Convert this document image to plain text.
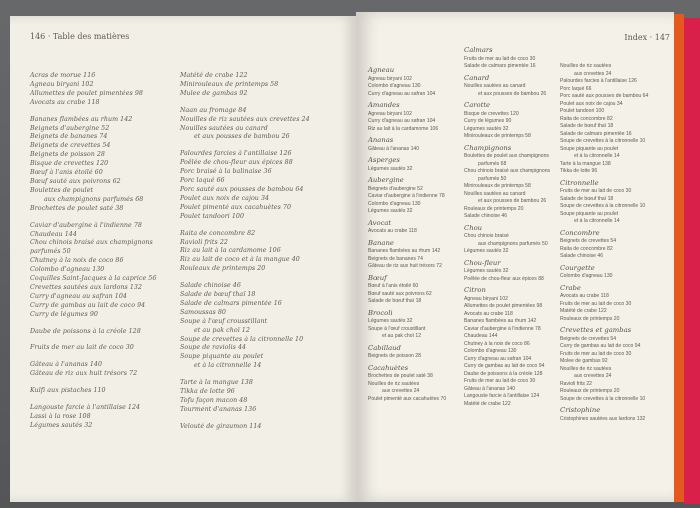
146 · Table des matières	Index · 147
Acras de morue 116
Agneau biryani 102
Allumettes de poulet pimentées 98
Avocats au crabe 118
Bananes flambées au rhum 142
Beignets d'aubergine 52
Beignets de bananes 74
Beignets de crevettes 54
Beignets de poisson 28
Bisque de crevettes 120
Bœuf à l'anis étoilé 60
Bœuf sauté aux poivrons 62
Boulettes de poulet
aux champignons parfumés 68
Brochettes de poulet saté 38
Caviar d'aubergine à l'indienne 78
Chaudeau 144
Chou chinois braisé aux champignons
parfumés 50
Chutney à la noix de coco 86
Colombo d'agneau 130
Coquilles Saint-Jacques à la caprice 56
Crevettes sautées aux lardons 132
Curry d'agneau au safran 104
Curry de gambas au lait de coco 94
Curry de légumes 90
Daube de poissons à la créole 128
Fruits de mer au lait de coco 30
Gâteau à l'ananas 140
Gâteau de riz aux huit trésors 72
Kulfi aux pistaches 110
Langouste farcie à l'antillaise 124
Lassi à la rose 108
Légumes sautés 32
Matété de crabe 122
Minirouleaux de printemps 58
Mulee de gambas 92
Naan au fromage 84
Nouilles de riz sautées aux crevettes 24
Nouilles sautées au canard
et aux pousses de bambou 26
Palourdes farcies à l'antillaise 126
Poêlée de chou-fleur aux épices 88
Porc braisé à la balinaise 36
Porc laqué 66
Porc sauté aux pousses de bambou 64
Poulet aux noix de cajou 34
Poulet pimenté aux cacahuètes 70
Poulet tandoori 100
Raita de concombre 82
Ravioli frits 22
Riz au lait à la cardamome 106
Riz au lait de coco et à la mangue 40
Rouleaux de printemps 20
Salade chinoise 46
Salade de bœuf thaï 18
Salade de calmars pimentée 16
Samoussas 80
Soupe à l'œuf crousstillant
et au pak choï 12
Soupe de crevettes à la citronnelle 10
Soupe de raviolis 44
Soupe piquante au poulet
et à la citronnelle 14
Tarte à la mangue 138
Tikka de lotte 96
Tofu façon macon 48
Tourment d'ananas 136
Velouté de giraumon 114
Agneau
Agneau biryani 102
Colombo d'agneau 130
Curry d'agneau au safran 104
Amandes
Agneau biryani 102
Curry d'agneau au safran 104
Riz au lait à la cardamome 106
Ananas
Gâteau à l'ananas 140
Asperges
Légumes sautés 32
Aubergine
Beignets d'aubergine 52
Caviar d'aubergine à l'indienne 78
Colombo d'agneau 130
Légumes sautés 32
Avocat
Avocats au crabe 118
Banane
Bananes flambées au rhum 142
Beignets de bananes 74
Gâteau de riz aux huit trésors 72
Bœuf
Bœuf à l'anis étoilé 60
Bœuf sauté aux poivrons 62
Salade de bœuf thaï 18
Brocoli
Légumes sautés 32
Soupe à l'œuf croustillant
et au pak choï 12
Cabillaud
Beignets de poisson 28
Cacahuètes
Brochettes de poulet saté 38
Nouilles de riz sautées
aux crevettes 24
Poulet pimenté aux cacahuètes 70
Calmars
Fruits de mer au lait de coco 30
Salade de calmars pimentée 16
Canard
Nouilles sautées au canard
et aux pousses de bambou 26
Carotte
Bisque de crevettes 120
Curry de légumes 90
Légumes sautés 32
Minirouleaux de printemps 58
Champignons
Boulettes de poulet aux champignons
parfumés 68
Chou chinois braisé aux champignons
parfumés 50
Minirouleaux de printemps 58
Nouilles sautées au canard
et aux pousses de bambou 26
Rouleaux de printemps 20
Salade chinoise 46
Chou
Chou chinois braisé
aux champignons parfumés 50
Légumes sautés 32
Chou-fleur
Légumes sautés 32
Poêlée de chou-fleur aux épices 88
Citron
Agneau biryani 102
Allumettes de poulet pimentées 98
Avocats au crabe 118
Bananes flambées au rhum 142
Caviar d'aubergine à l'indienne 78
Chaudeau 144
Chutney à la noix de coco 86
Colombo d'agneau 130
Curry d'agneau au safran 104
Curry de gambas au lait de coco 94
Daube de poissons à la créole 128
Fruits de mer au lait de coco 30
Gâteau à l'ananas 140
Langouste farcie à l'antillaise 124
Matété de crabe 122
Nouilles de riz sautées
aux crevettes 24
Palourdes farcies à l'antillaise 126
Porc laqué 66
Porc sauté aux pousses de bambou 64
Poulet aux noix de cajou 34
Poulet tandoori 100
Raita de concombre 82
Salade de bœuf thaï 18
Salade de calmars pimentée 16
Soupe de crevettes à la citronnelle 10
Soupe piquante au poulet
et à la citronnelle 14
Tarte à la mangue 138
Tikka de lotte 96
Citronnelle
Fruits de mer au lait de coco 30
Salade de bœuf thaï 18
Soupe de crevettes à la citronnelle 10
Soupe piquante au poulet
et à la citronnelle 14
Concombre
Beignets de crevettes 54
Raita de concombre 82
Salade chinoise 46
Courgette
Colombo d'agneau 130
Crabe
Avocats au crabe 118
Fruits de mer au lait de coco 30
Matété de crabe 122
Rouleaux de printemps 20
Crevettes et gambas
Beignets de crevettes 54
Curry de gambas au lait de coco 94
Fruits de mer au lait de coco 30
Molee de gambas 92
Nouilles de riz sautées
aux crevettes 24
Ravioli frits 22
Rouleaux de printemps 20
Soupe de crevettes à la citronnelle 10
Cristophine
Cristophines sautées aux lardons 132
